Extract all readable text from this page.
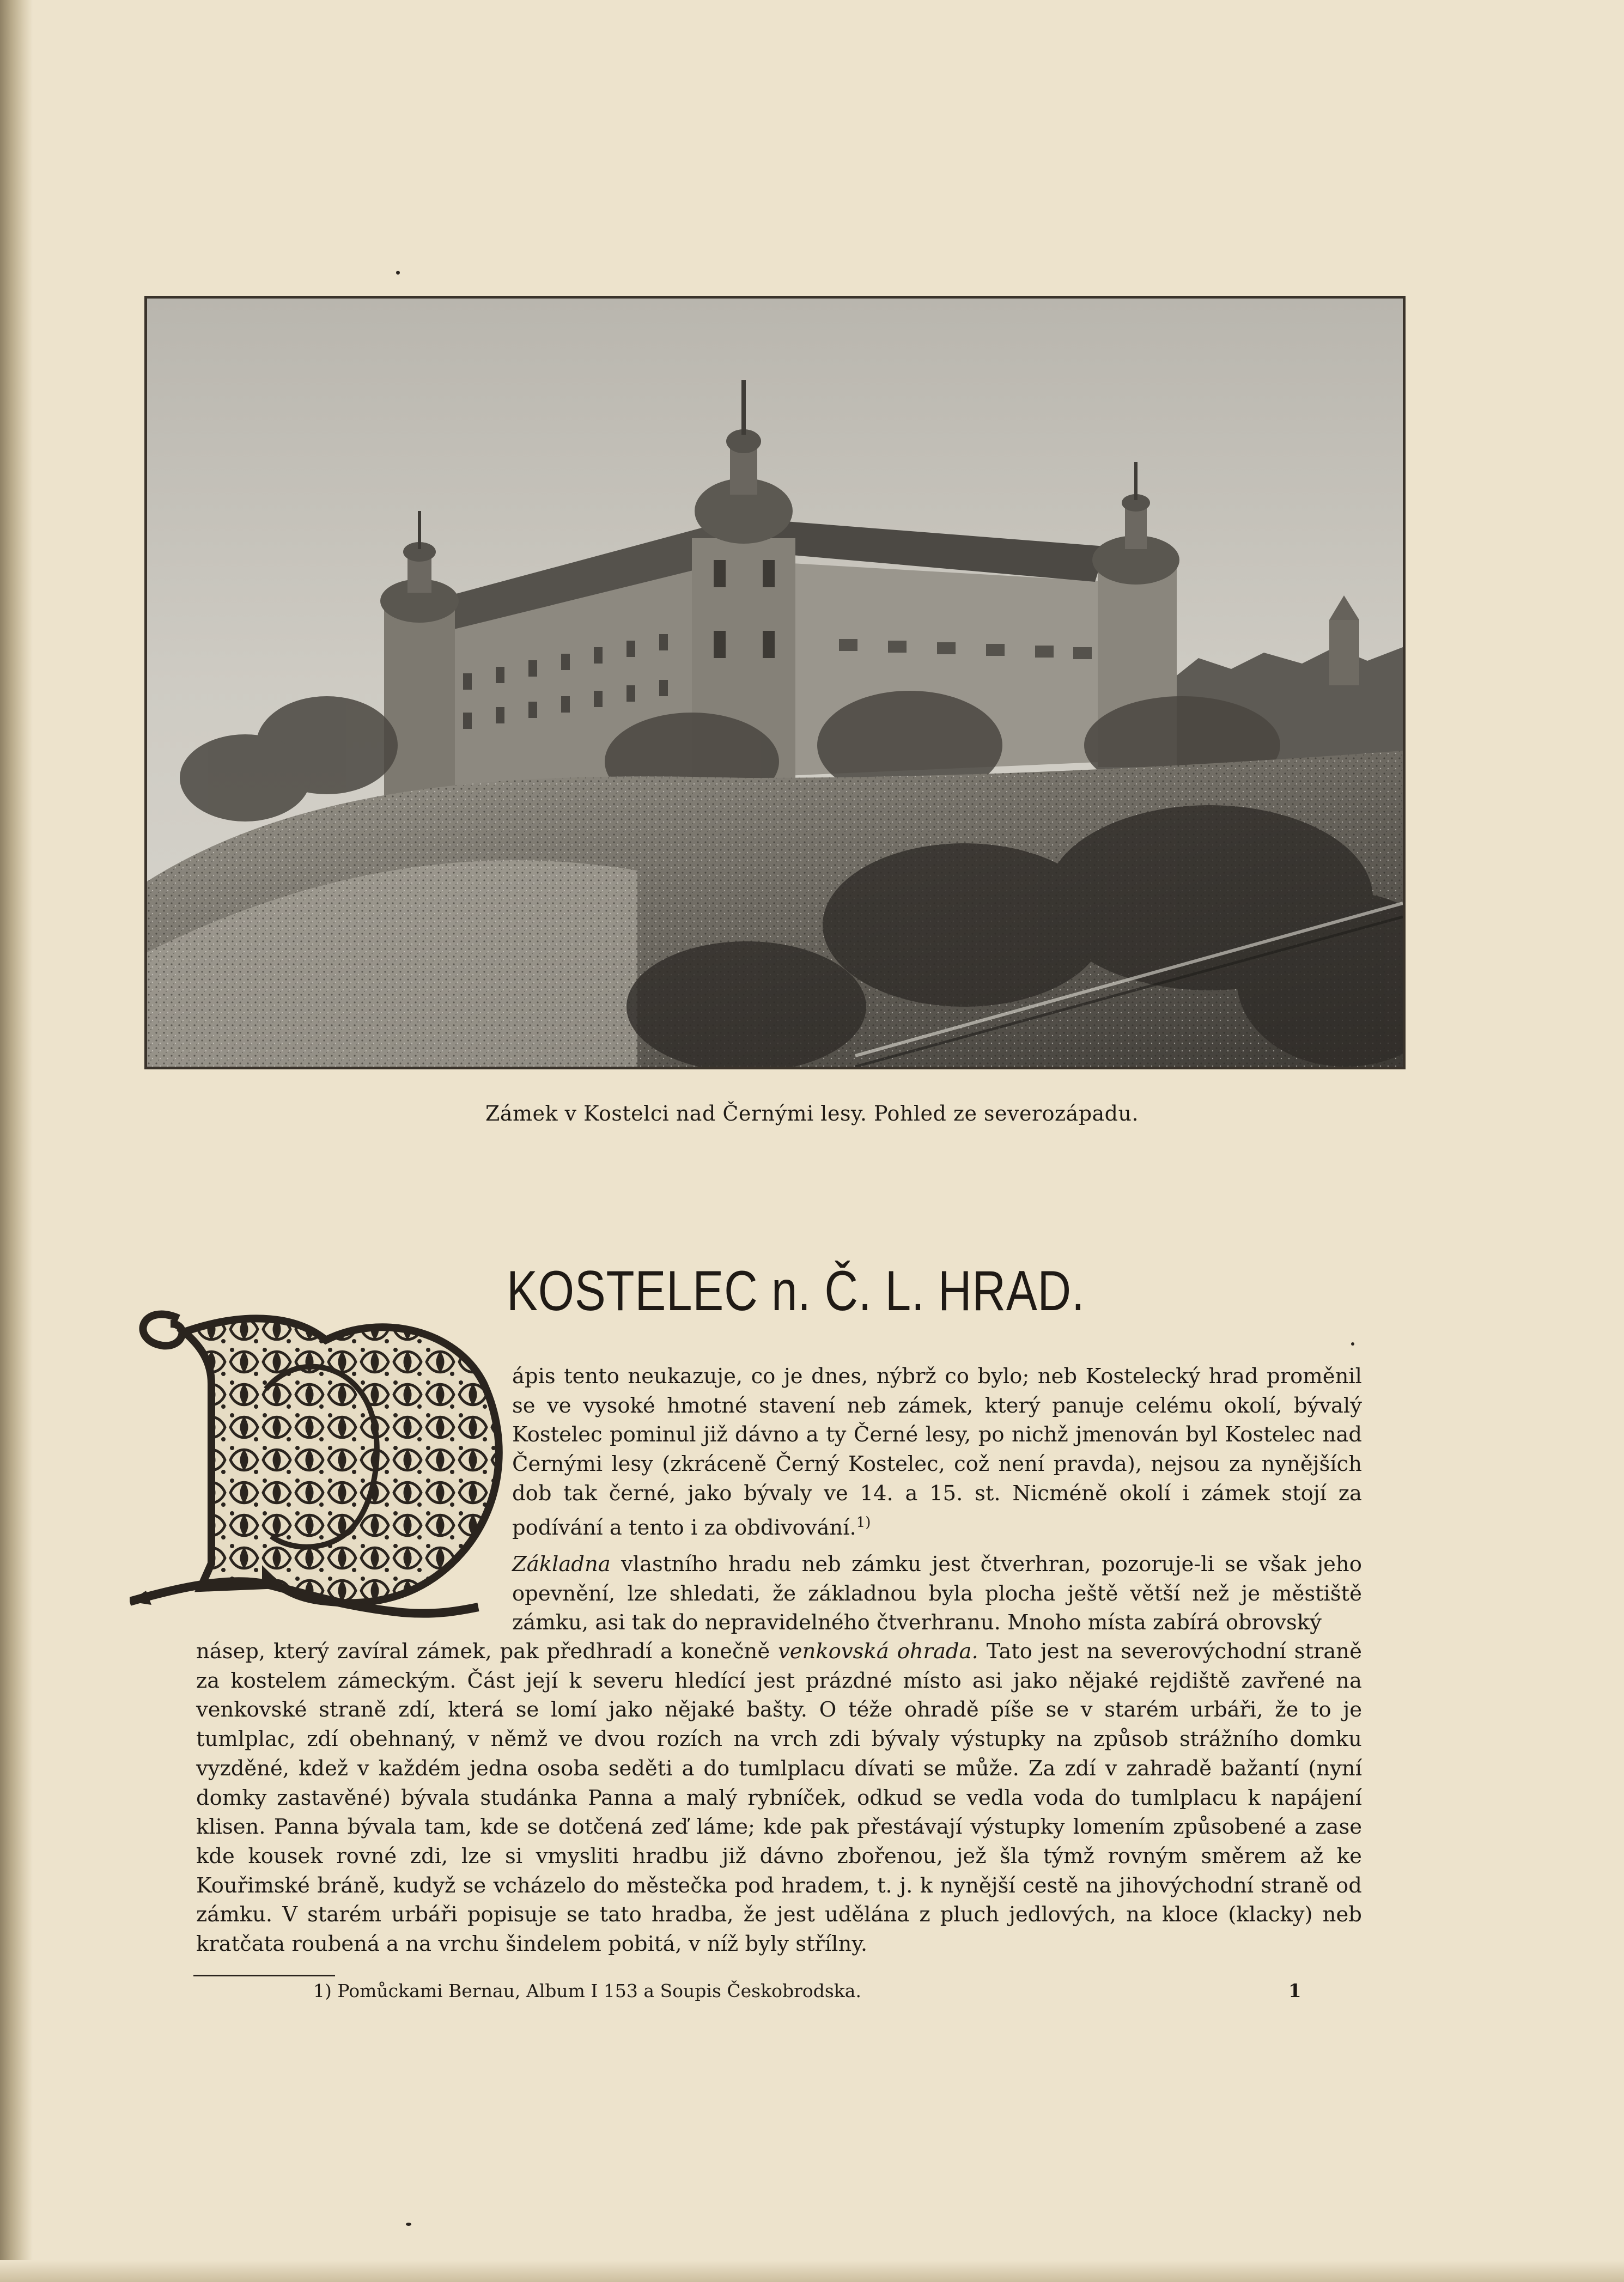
Zámek v Kostelci nad Černými lesy. Pohled ze severozápadu.
KOSTELEC n. Č. L. HRAD.

ápis tento neukazuje, co je dnes, nýbrž co bylo; neb Kostelecký hrad proměnil se ve vysoké hmotné stavení neb zámek, který panuje celému okolí, bývalý Kostelec pominul již dávno a ty Černé lesy, po nichž jmenován byl Kostelec nad Černými lesy (zkráceně Černý Kostelec, což není pravda), nejsou za nynějších dob tak černé, jako bývaly ve 14. a 15. st. Nicméně okolí i zámek stojí za podívání a tento i za obdivování.$^{1)}$

Základna vlastního hradu neb zámku jest čtverhran, pozoruje-li se však jeho opevnění, lze shledati, že základnou byla plocha ještě větší než je městiště zámku, asi tak do nepravidelného čtverhranu. Mnoho místa zabírá obrovský

1) Pomůckami Bernau, Album I 153 a Soupis Českobrodska.	1

násep, který zavíral zámek, pak předhradí a konečně venkovská ohrada. Tato jest na severovýchodní straně za kostelem zámeckým. Část její k severu hledící jest prázdné místo asi jako nějaké rejdiště zavřené na venkovské straně zdí, která se lomí jako nějaké bašty. O téže ohradě píše se v starém urbáři, že to je tumlplac, zdí obehnaný, v němž ve dvou rozích na vrch zdi bývaly výstupky na způsob strážního domku vyzděné, kdež v každém jedna osoba seděti a do tumlplacu dívati se může. Za zdí v zahradě bažantí (nyní domky zastavěné) bývala studánka Panna a malý rybníček, odkud se vedla voda do tumlplacu k napájení klisen. Panna bývala tam, kde se dotčená zeď láme; kde pak přestávají výstupky lomením způsobené a zase kde kousek rovné zdi, lze si vmysliti hradbu již dávno zbořenou, jež šla týmž rovným směrem až ke Kouřimské bráně, kudyž se vcházelo do městečka pod hradem, t. j. k nynější cestě na jihovýchodní straně od zámku. V starém urbáři popisuje se tato hradba, že jest udělána z pluch jedlových, na kloce (klacky) neb kratčata roubená a na vrchu šindelem pobitá, v níž byly střílny.
